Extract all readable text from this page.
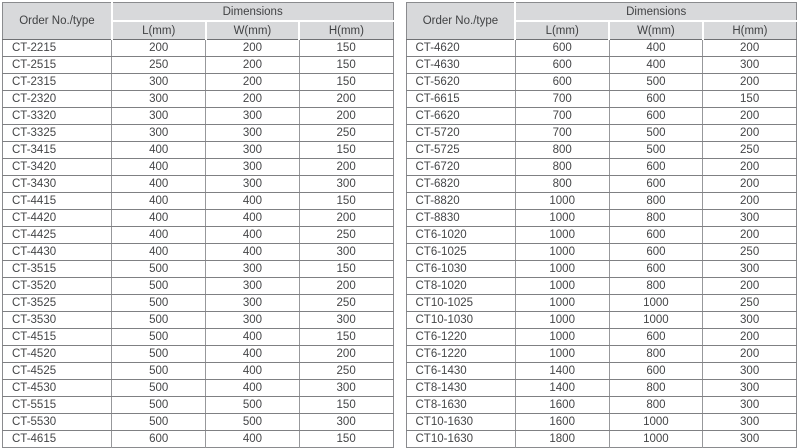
Order No./type	Dimensions		
	L(mm)	W(mm)	H(mm)
CT-2215	200	200	150
CT-2515	250	200	150
CT-2315	300	200	150
CT-2320	300	200	200
CT-3320	300	300	200
CT-3325	300	300	250
CT-3415	400	300	150
CT-3420	400	300	200
CT-3430	400	300	300
CT-4415	400	400	150
CT-4420	400	400	200
CT-4425	400	400	250
CT-4430	400	400	300
CT-3515	500	300	150
CT-3520	500	300	200
CT-3525	500	300	250
CT-3530	500	300	300
CT-4515	500	400	150
CT-4520	500	400	200
CT-4525	500	400	250
CT-4530	500	400	300
CT-5515	500	500	150
CT-5530	500	500	300
CT-4615	600	400	150
Order No./type	Dimensions		
	L(mm)	W(mm)	H(mm)
CT-4620	600	400	200
CT-4630	600	400	300
CT-5620	600	500	200
CT-6615	700	600	150
CT-6620	700	600	200
CT-5720	700	500	200
CT-5725	800	500	250
CT-6720	800	600	200
CT-6820	800	600	200
CT-8820	1000	800	200
CT-8830	1000	800	300
CT6-1020	1000	600	200
CT6-1025	1000	600	250
CT6-1030	1000	600	300
CT8-1020	1000	800	200
CT10-1025	1000	1000	250
CT10-1030	1000	1000	300
CT6-1220	1000	600	200
CT6-1220	1000	800	200
CT6-1430	1400	600	300
CT8-1430	1400	800	300
CT8-1630	1600	800	300
CT10-1630	1600	1000	300
CT10-1630	1800	1000	300
